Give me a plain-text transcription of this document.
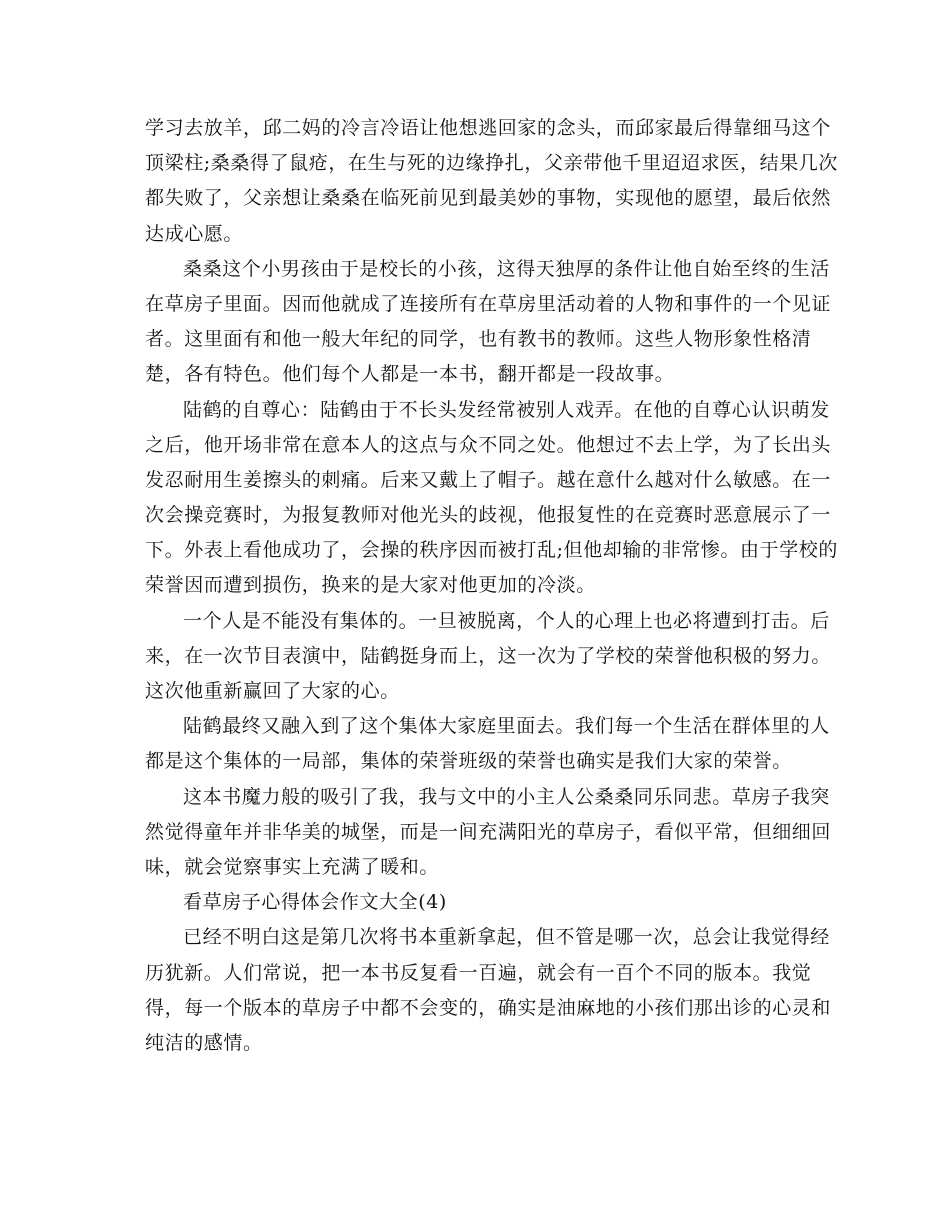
学习去放羊，邱二妈的冷言冷语让他想逃回家的念头，而邱家最后得靠细马这个
顶梁柱;桑桑得了鼠疮，在生与死的边缘挣扎，父亲带他千里迢迢求医，结果几次
都失败了，父亲想让桑桑在临死前见到最美妙的事物，实现他的愿望，最后依然
达成心愿。
桑桑这个小男孩由于是校长的小孩，这得天独厚的条件让他自始至终的生活
在草房子里面。因而他就成了连接所有在草房里活动着的人物和事件的一个见证
者。这里面有和他一般大年纪的同学，也有教书的教师。这些人物形象性格清
楚，各有特色。他们每个人都是一本书，翻开都是一段故事。
陆鹤的自尊心：陆鹤由于不长头发经常被别人戏弄。在他的自尊心认识萌发
之后，他开场非常在意本人的这点与众不同之处。他想过不去上学，为了长出头
发忍耐用生姜擦头的刺痛。后来又戴上了帽子。越在意什么越对什么敏感。在一
次会操竞赛时，为报复教师对他光头的歧视，他报复性的在竞赛时恶意展示了一
下。外表上看他成功了，会操的秩序因而被打乱;但他却输的非常惨。由于学校的
荣誉因而遭到损伤，换来的是大家对他更加的冷淡。
一个人是不能没有集体的。一旦被脱离，个人的心理上也必将遭到打击。后
来，在一次节目表演中，陆鹤挺身而上，这一次为了学校的荣誉他积极的努力。
这次他重新赢回了大家的心。
陆鹤最终又融入到了这个集体大家庭里面去。我们每一个生活在群体里的人
都是这个集体的一局部，集体的荣誉班级的荣誉也确实是我们大家的荣誉。
这本书魔力般的吸引了我，我与文中的小主人公桑桑同乐同悲。草房子我突
然觉得童年并非华美的城堡，而是一间充满阳光的草房子，看似平常，但细细回
味，就会觉察事实上充满了暖和。
看草房子心得体会作文大全(4)
已经不明白这是第几次将书本重新拿起，但不管是哪一次，总会让我觉得经
历犹新。人们常说，把一本书反复看一百遍，就会有一百个不同的版本。我觉
得，每一个版本的草房子中都不会变的，确实是油麻地的小孩们那出诊的心灵和
纯洁的感情。
